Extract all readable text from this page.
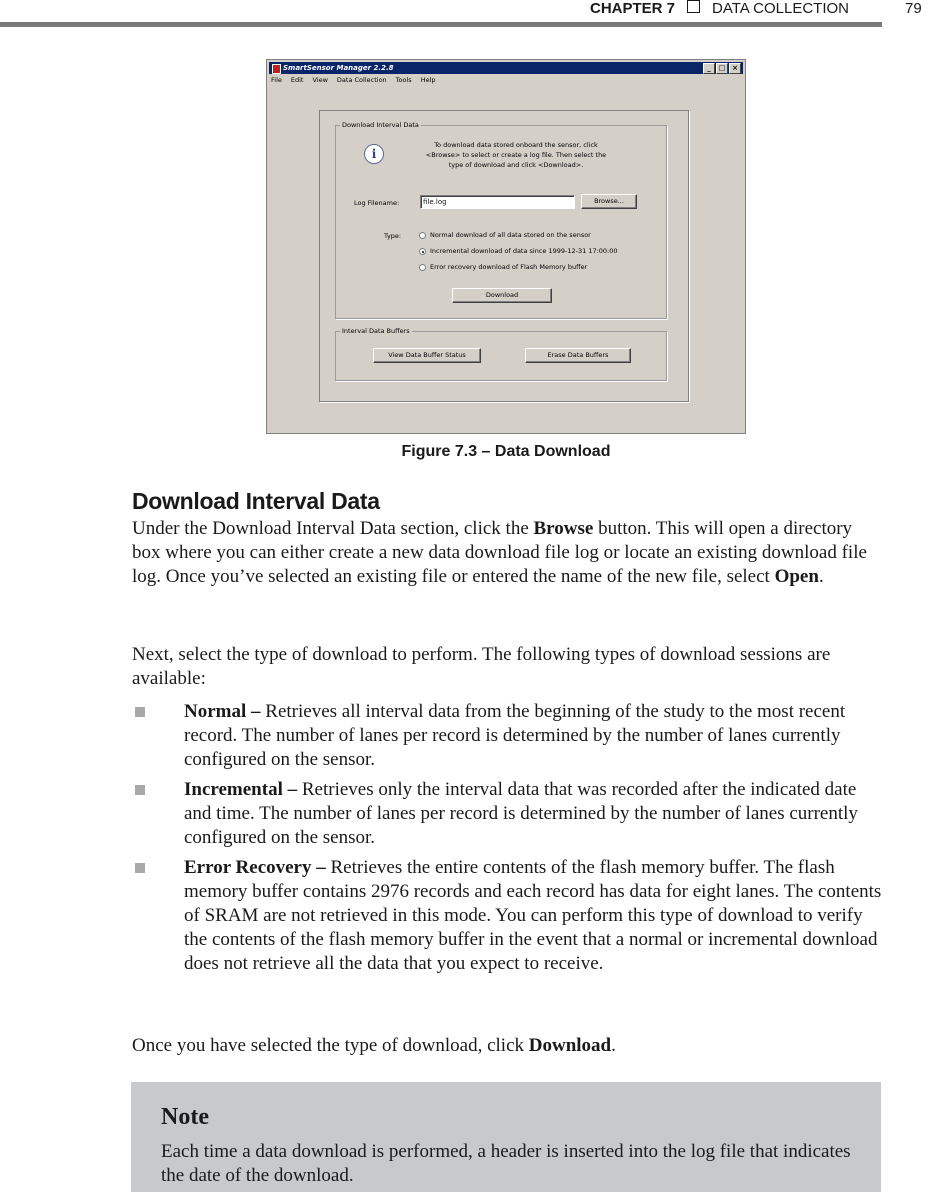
CHAPTER 7 DATA COLLECTION	79
SmartSensor Manager 2.2.8	_	□ ×
File Edit View Data Collection Tools Help
Download Interval Data
i
To download data stored onboard the sensor, click
<Browse> to select or create a log file. Then select the
type of download and click <Download>.
Log Filename:	file.log	Browse...
Type:	Normal download of all data stored on the sensor
Incremental download of data since 1999-12-31 17:00:00
Error recovery download of Flash Memory buffer
Download
Interval Data Buffers
View Data Buffer Status	Erase Data Buffers
Figure 7.3 – Data Download
Download Interval Data
Under the Download Interval Data section, click the Browse button. This will open a directory box where you can either create a new data download file log or locate an existing download file log. Once you’ve selected an existing file or entered the name of the new file, select Open.
Next, select the type of download to perform. The following types of download sessions are available:
Normal – Retrieves all interval data from the beginning of the study to the most recent record. The number of lanes per record is determined by the number of lanes currently configured on the sensor.
Incremental – Retrieves only the interval data that was recorded after the indicated date and time. The number of lanes per record is determined by the number of lanes currently configured on the sensor.
Error Recovery – Retrieves the entire contents of the flash memory buffer. The flash memory buffer contains 2976 records and each record has data for eight lanes. The contents of SRAM are not retrieved in this mode. You can perform this type of download to verify the contents of the flash memory buffer in the event that a normal or incremental download does not retrieve all the data that you expect to receive.
Once you have selected the type of download, click Download.
Note
Each time a data download is performed, a header is inserted into the log file that indicates the date of the download.
